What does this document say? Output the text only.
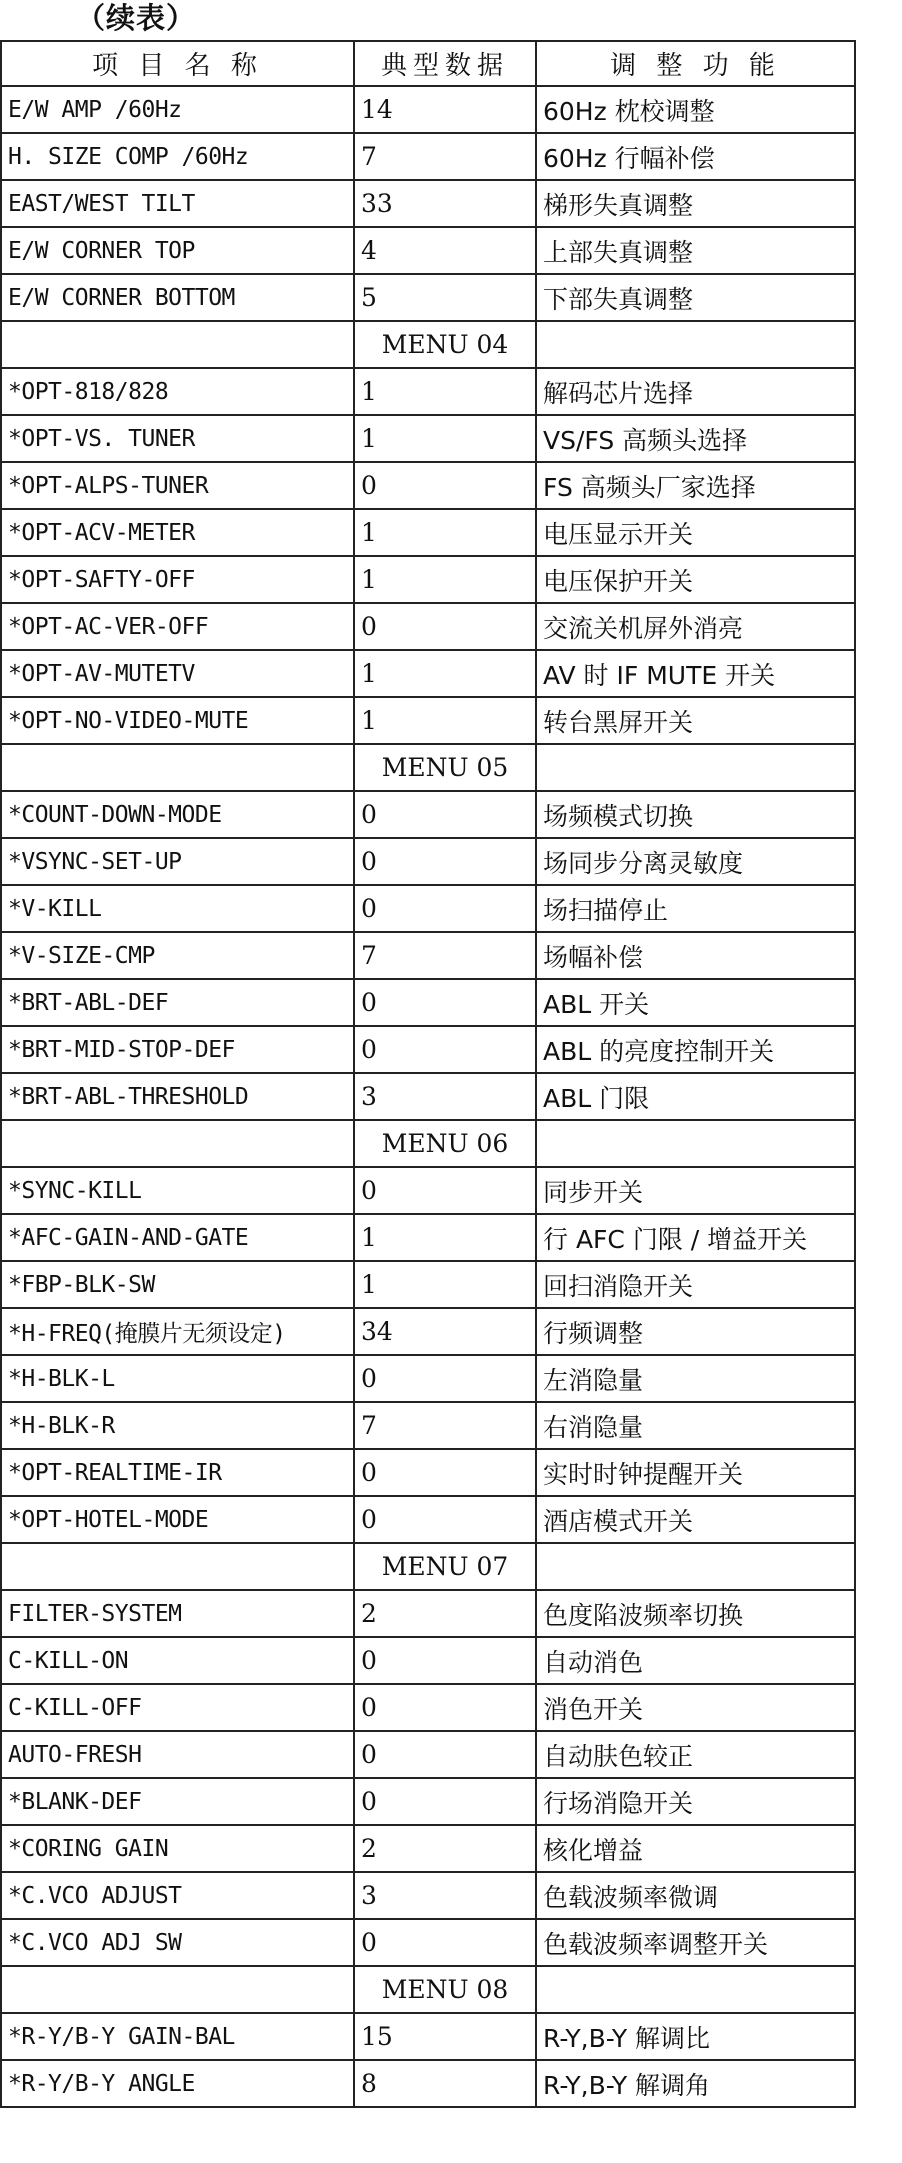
（续表）
项 目 名 称	典型数据	调 整 功 能
E/W AMP /60Hz	14	60Hz 枕校调整
H. SIZE COMP /60Hz	7	60Hz 行幅补偿
EAST/WEST TILT	33	梯形失真调整
E/W CORNER TOP	4	上部失真调整
E/W CORNER BOTTOM	5	下部失真调整
	MENU 04	
*OPT-818/828	1	解码芯片选择
*OPT-VS. TUNER	1	VS/FS 高频头选择
*OPT-ALPS-TUNER	0	FS 高频头厂家选择
*OPT-ACV-METER	1	电压显示开关
*OPT-SAFTY-OFF	1	电压保护开关
*OPT-AC-VER-OFF	0	交流关机屏外消亮
*OPT-AV-MUTETV	1	AV 时 IF MUTE 开关
*OPT-NO-VIDEO-MUTE	1	转台黑屏开关
	MENU 05	
*COUNT-DOWN-MODE	0	场频模式切换
*VSYNC-SET-UP	0	场同步分离灵敏度
*V-KILL	0	场扫描停止
*V-SIZE-CMP	7	场幅补偿
*BRT-ABL-DEF	0	ABL 开关
*BRT-MID-STOP-DEF	0	ABL 的亮度控制开关
*BRT-ABL-THRESHOLD	3	ABL 门限
	MENU 06	
*SYNC-KILL	0	同步开关
*AFC-GAIN-AND-GATE	1	行 AFC 门限 / 增益开关
*FBP-BLK-SW	1	回扫消隐开关
*H-FREQ(掩膜片无须设定)	34	行频调整
*H-BLK-L	0	左消隐量
*H-BLK-R	7	右消隐量
*OPT-REALTIME-IR	0	实时时钟提醒开关
*OPT-HOTEL-MODE	0	酒店模式开关
	MENU 07	
FILTER-SYSTEM	2	色度陷波频率切换
C-KILL-ON	0	自动消色
C-KILL-OFF	0	消色开关
AUTO-FRESH	0	自动肤色较正
*BLANK-DEF	0	行场消隐开关
*CORING GAIN	2	核化增益
*C.VCO ADJUST	3	色载波频率微调
*C.VCO ADJ SW	0	色载波频率调整开关
	MENU 08	
*R-Y/B-Y GAIN-BAL	15	R-Y,B-Y 解调比
*R-Y/B-Y ANGLE	8	R-Y,B-Y 解调角
